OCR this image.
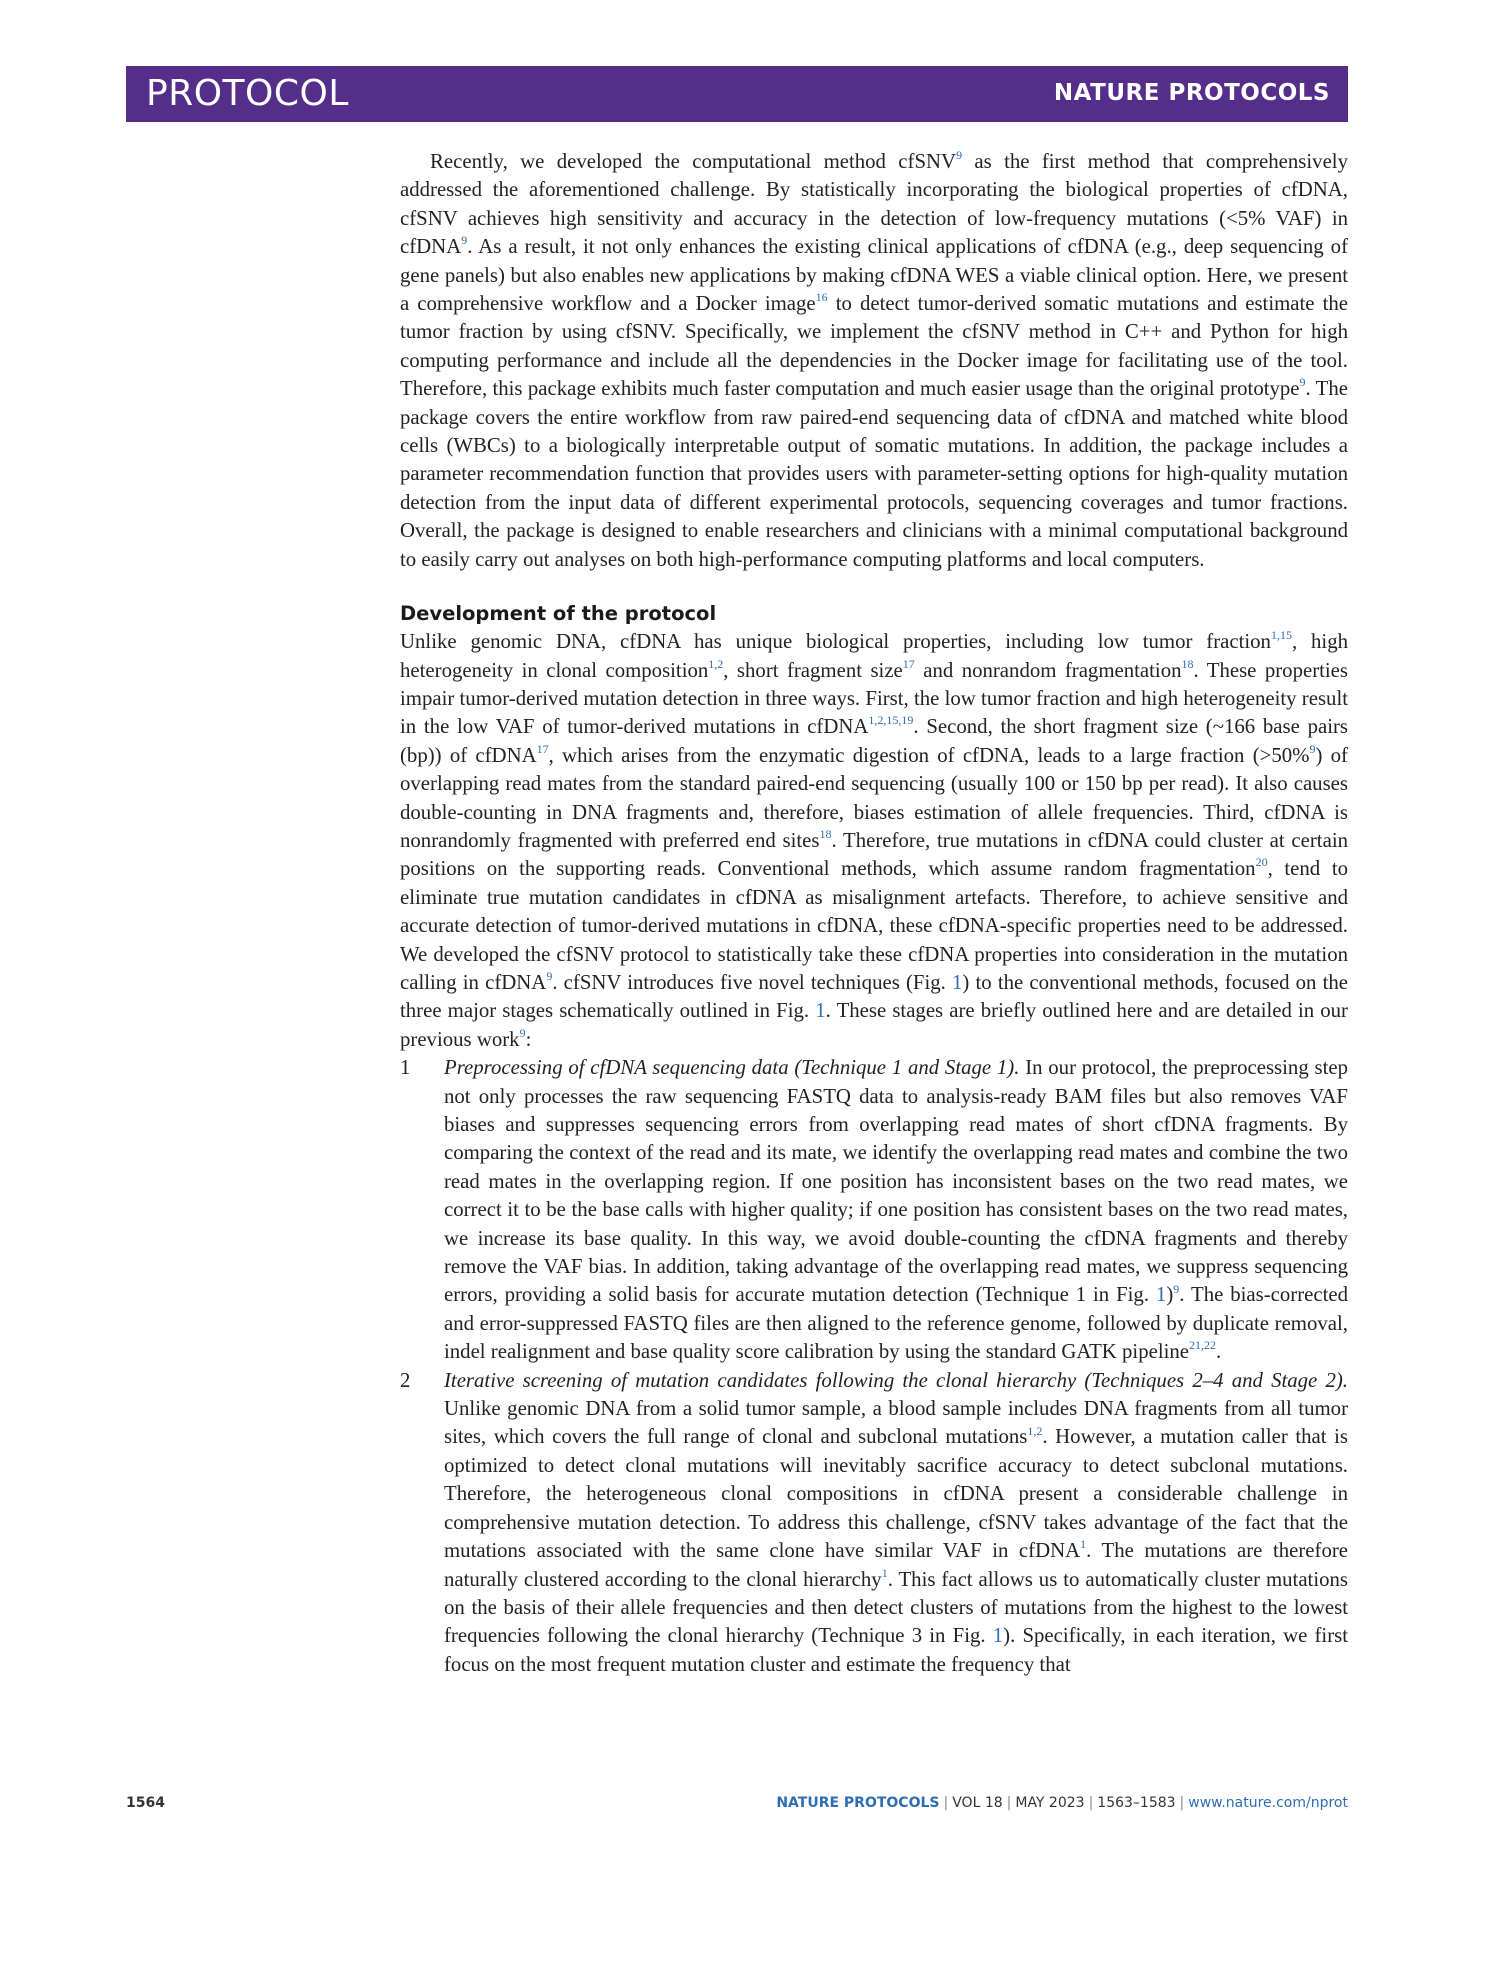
PROTOCOL	NATURE PROTOCOLS

Recently, we developed the computational method cfSNV$^9$ as the first method that comprehensively addressed the aforementioned challenge. By statistically incorporating the biological properties of cfDNA, cfSNV achieves high sensitivity and accuracy in the detection of low-frequency mutations (<5% VAF) in cfDNA$^9$. As a result, it not only enhances the existing clinical applications of cfDNA (e.g., deep sequencing of gene panels) but also enables new applications by making cfDNA WES a viable clinical option. Here, we present a comprehensive workflow and a Docker image$^{16}$ to detect tumor-derived somatic mutations and estimate the tumor fraction by using cfSNV. Specifically, we implement the cfSNV method in C++ and Python for high computing performance and include all the dependencies in the Docker image for facilitating use of the tool. Therefore, this package exhibits much faster computation and much easier usage than the original prototype$^9$. The package covers the entire workflow from raw paired-end sequencing data of cfDNA and matched white blood cells (WBCs) to a biologically interpretable output of somatic mutations. In addition, the package includes a parameter recommendation function that provides users with parameter-setting options for high-quality mutation detection from the input data of different experimental protocols, sequencing coverages and tumor fractions. Overall, the package is designed to enable researchers and clinicians with a minimal computational background to easily carry out analyses on both high-performance computing platforms and local computers.

Development of the protocol

Unlike genomic DNA, cfDNA has unique biological properties, including low tumor fraction$^{1,15}$, high heterogeneity in clonal composition$^{1,2}$, short fragment size$^{17}$ and nonrandom fragmentation$^{18}$. These properties impair tumor-derived mutation detection in three ways. First, the low tumor fraction and high heterogeneity result in the low VAF of tumor-derived mutations in cfDNA$^{1,2,15,19}$. Second, the short fragment size (~166 base pairs (bp)) of cfDNA$^{17}$, which arises from the enzymatic digestion of cfDNA, leads to a large fraction (>50%$^9$) of overlapping read mates from the standard paired-end sequencing (usually 100 or 150 bp per read). It also causes double-counting in DNA fragments and, therefore, biases estimation of allele frequencies. Third, cfDNA is nonrandomly fragmented with preferred end sites$^{18}$. Therefore, true mutations in cfDNA could cluster at certain positions on the supporting reads. Conventional methods, which assume random fragmentation$^{20}$, tend to eliminate true mutation candidates in cfDNA as misalignment artefacts. Therefore, to achieve sensitive and accurate detection of tumor-derived mutations in cfDNA, these cfDNA-specific properties need to be addressed. We developed the cfSNV protocol to statistically take these cfDNA properties into consideration in the mutation calling in cfDNA$^9$. cfSNV introduces five novel techniques (Fig. 1) to the conventional methods, focused on the three major stages schematically outlined in Fig. 1. These stages are briefly outlined here and are detailed in our previous work$^9$:

1 Preprocessing of cfDNA sequencing data (Technique 1 and Stage 1). In our protocol, the preprocessing step not only processes the raw sequencing FASTQ data to analysis-ready BAM files but also removes VAF biases and suppresses sequencing errors from overlapping read mates of short cfDNA fragments. By comparing the context of the read and its mate, we identify the overlapping read mates and combine the two read mates in the overlapping region. If one position has inconsistent bases on the two read mates, we correct it to be the base calls with higher quality; if one position has consistent bases on the two read mates, we increase its base quality. In this way, we avoid double-counting the cfDNA fragments and thereby remove the VAF bias. In addition, taking advantage of the overlapping read mates, we suppress sequencing errors, providing a solid basis for accurate mutation detection (Technique 1 in Fig. 1)$^9$. The bias-corrected and error-suppressed FASTQ files are then aligned to the reference genome, followed by duplicate removal, indel realignment and base quality score calibration by using the standard GATK pipeline$^{21,22}$.
2 Iterative screening of mutation candidates following the clonal hierarchy (Techniques 2–4 and Stage 2). Unlike genomic DNA from a solid tumor sample, a blood sample includes DNA fragments from all tumor sites, which covers the full range of clonal and subclonal mutations$^{1,2}$. However, a mutation caller that is optimized to detect clonal mutations will inevitably sacrifice accuracy to detect subclonal mutations. Therefore, the heterogeneous clonal compositions in cfDNA present a considerable challenge in comprehensive mutation detection. To address this challenge, cfSNV takes advantage of the fact that the mutations associated with the same clone have similar VAF in cfDNA$^1$. The mutations are therefore naturally clustered according to the clonal hierarchy$^1$. This fact allows us to automatically cluster mutations on the basis of their allele frequencies and then detect clusters of mutations from the highest to the lowest frequencies following the clonal hierarchy (Technique 3 in Fig. 1). Specifically, in each iteration, we first focus on the most frequent mutation cluster and estimate the frequency that
1564	NATURE PROTOCOLS | VOL 18 | MAY 2023 | 1563–1583 | www.nature.com/nprot
